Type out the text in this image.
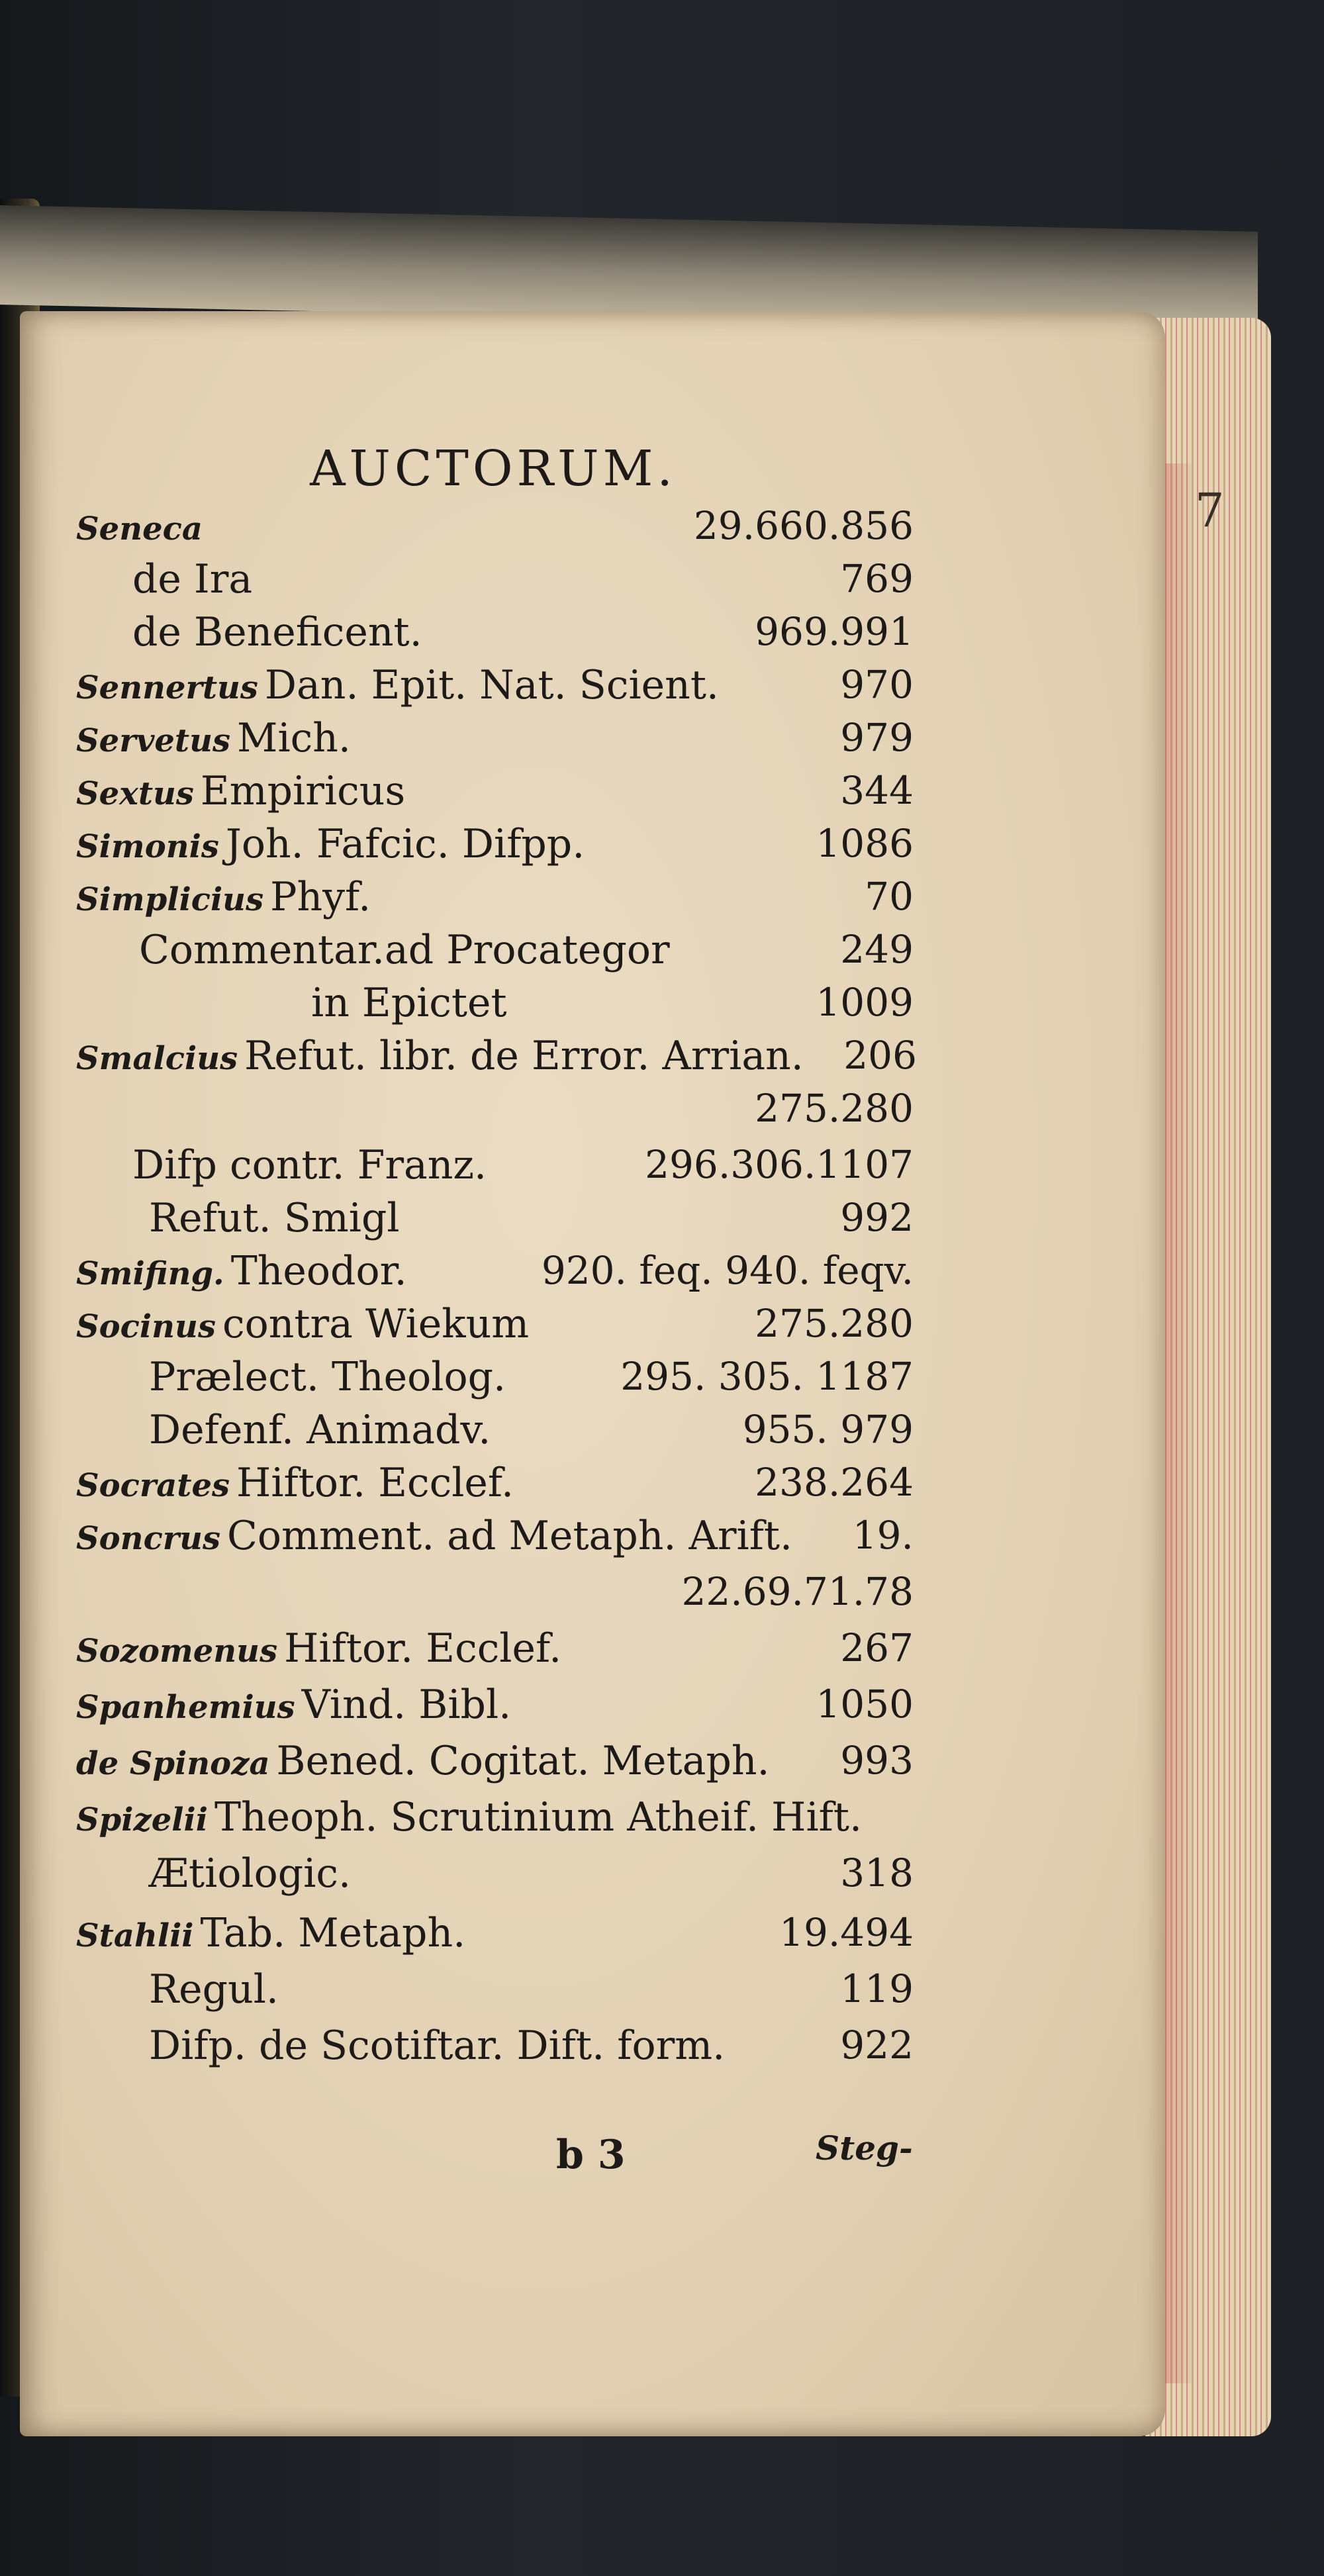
AUCTORUM.
7
Seneca	29.660.856
de Ira	769
de Beneficent.	969.991
Sennertus Dan. Epit. Nat. Scient.	970
Servetus Mich.	979
Sextus Empiricus	344
Simonis Joh. Fafcic. Difpp.	1086
Simplicius Phyf.	70
Commentar.ad Procategor	249
in Epictet	1009
Smalcius Refut. libr. de Error. Arrian. 206
275.280
Difp contr. Franz.	296.306.1107
Refut. Smigl	992
Smifing. Theodor.	920. feq. 940. feqv.
Socinus contra Wiekum	275.280
Prælect. Theolog.	295. 305. 1187
Defenf. Animadv.	955. 979
Socrates Hiftor. Ecclef.	238.264
Soncrus Comment. ad Metaph. Arift. 19.
22.69.71.78
Sozomenus Hiftor. Ecclef.	267
Spanhemius Vind. Bibl.	1050
de Spinoza Bened. Cogitat. Metaph. 993
Spizelii Theoph. Scrutinium Atheif. Hift.
Ætiologic.	318
Stahlii Tab. Metaph.	19.494
Regul.	119
Difp. de Scotiftar. Dift. form.	922
b 3	Steg-
